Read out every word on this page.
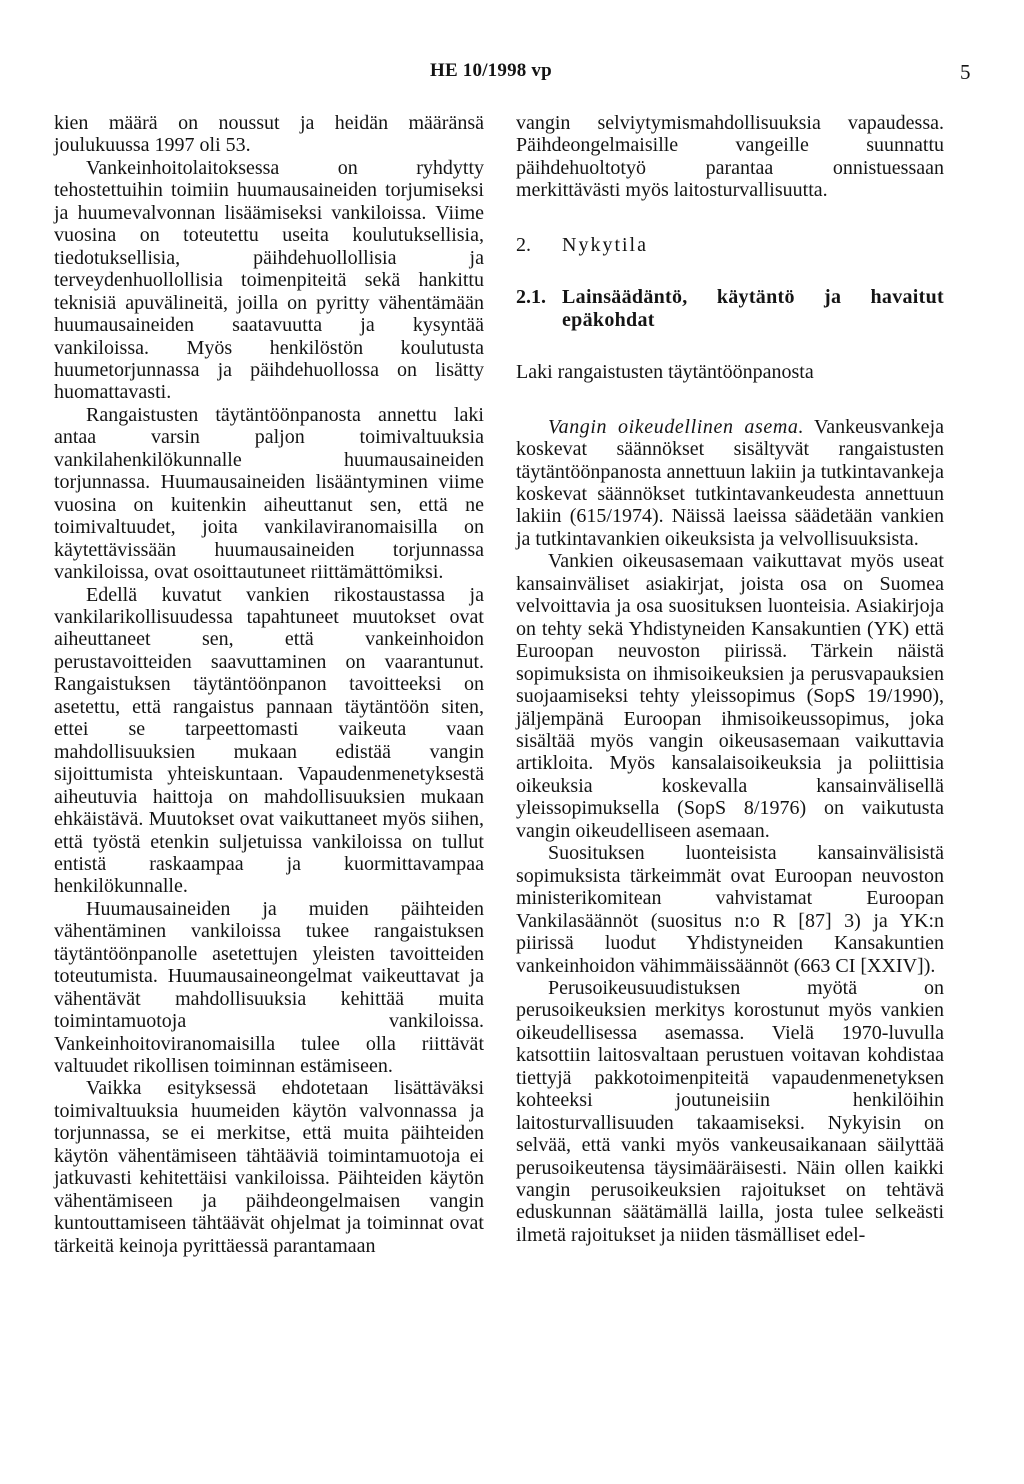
HE 10/1998 vp	5

kien määrä on noussut ja heidän määränsä joulukuussa 1997 oli 53.

Vankeinhoitolaitoksessa on ryhdytty tehostettuihin toimiin huumausaineiden torjumiseksi ja huumevalvonnan lisäämiseksi vankiloissa. Viime vuosina on toteutettu useita koulutuksellisia, tiedotuksellisia, päihdehuollollisia ja terveydenhuollollisia toimenpiteitä sekä hankittu teknisiä apuvälineitä, joilla on pyritty vähentämään huumausaineiden saatavuutta ja kysyntää vankiloissa. Myös henkilöstön koulutusta huumetorjunnassa ja päihdehuollossa on lisätty huomattavasti.

Rangaistusten täytäntöönpanosta annettu laki antaa varsin paljon toimivaltuuksia vankilahenkilökunnalle huumausaineiden torjunnassa. Huumausaineiden lisääntyminen viime vuosina on kuitenkin aiheuttanut sen, että ne toimivaltuudet, joita vankilaviranomaisilla on käytettävissään huumausaineiden torjunnassa vankiloissa, ovat osoittautuneet riittämättömiksi.

Edellä kuvatut vankien rikostaustassa ja vankilarikollisuudessa tapahtuneet muutokset ovat aiheuttaneet sen, että vankeinhoidon perustavoitteiden saavuttaminen on vaarantunut. Rangaistuksen täytäntöönpanon tavoitteeksi on asetettu, että rangaistus pannaan täytäntöön siten, ettei se tarpeettomasti vaikeuta vaan mahdollisuuksien mukaan edistää vangin sijoittumista yhteiskuntaan. Vapaudenmenetyksestä aiheutuvia haittoja on mahdollisuuksien mukaan ehkäistävä. Muutokset ovat vaikuttaneet myös siihen, että työstä etenkin suljetuissa vankiloissa on tullut entistä raskaampaa ja kuormittavampaa henkilökunnalle.

Huumausaineiden ja muiden päihteiden vähentäminen vankiloissa tukee rangaistuksen täytäntöönpanolle asetettujen yleisten tavoitteiden toteutumista. Huumausaineongelmat vaikeuttavat ja vähentävät mahdollisuuksia kehittää muita toimintamuotoja vankiloissa. Vankeinhoitoviranomaisilla tulee olla riittävät valtuudet rikollisen toiminnan estämiseen.

Vaikka esityksessä ehdotetaan lisättäväksi toimivaltuuksia huumeiden käytön valvonnassa ja torjunnassa, se ei merkitse, että muita päihteiden käytön vähentämiseen tähtääviä toimintamuotoja ei jatkuvasti kehitettäisi vankiloissa. Päihteiden käytön vähentämiseen ja päihdeongelmaisen vangin kuntouttamiseen tähtäävät ohjelmat ja toiminnat ovat tärkeitä keinoja pyrittäessä parantamaan

vangin selviytymismahdollisuuksia vapaudessa. Päihdeongelmaisille vangeille suunnattu päihdehuoltotyö parantaa onnistuessaan merkittävästi myös laitosturvallisuutta.

2.	Nykytila
2.1. Lainsäädäntö, käytäntö ja havaitut epäkohdat

Laki rangaistusten täytäntöönpanosta

Vangin oikeudellinen asema. Vankeusvankeja koskevat säännökset sisältyvät rangaistusten täytäntöönpanosta annettuun lakiin ja tutkintavankeja koskevat säännökset tutkintavankeudesta annettuun lakiin (615/1974). Näissä laeissa säädetään vankien ja tutkintavankien oikeuksista ja velvollisuuksista.

Vankien oikeusasemaan vaikuttavat myös useat kansainväliset asiakirjat, joista osa on Suomea velvoittavia ja osa suosituksen luonteisia. Asiakirjoja on tehty sekä Yhdistyneiden Kansakuntien (YK) että Euroopan neuvoston piirissä. Tärkein näistä sopimuksista on ihmisoikeuksien ja perusvapauksien suojaamiseksi tehty yleissopimus (SopS 19/1990), jäljempänä Euroopan ihmisoikeussopimus, joka sisältää myös vangin oikeusasemaan vaikuttavia artikloita. Myös kansalaisoikeuksia ja poliittisia oikeuksia koskevalla kansainvälisellä yleissopimuksella (SopS 8/1976) on vaikutusta vangin oikeudelliseen asemaan.

Suosituksen luonteisista kansainvälisistä sopimuksista tärkeimmät ovat Euroopan neuvoston ministerikomitean vahvistamat Euroopan Vankilasäännöt (suositus n:o R [87] 3) ja YK:n piirissä luodut Yhdistyneiden Kansakuntien vankeinhoidon vähimmäissäännöt (663 CI [XXIV]).

Perusoikeusuudistuksen myötä on perusoikeuksien merkitys korostunut myös vankien oikeudellisessa asemassa. Vielä 1970-luvulla katsottiin laitosvaltaan perustuen voitavan kohdistaa tiettyjä pakkotoimenpiteitä vapaudenmenetyksen kohteeksi joutuneisiin henkilöihin laitosturvallisuuden takaamiseksi. Nykyisin on selvää, että vanki myös vankeusaikanaan säilyttää perusoikeutensa täysimääräisesti. Näin ollen kaikki vangin perusoikeuksien rajoitukset on tehtävä eduskunnan säätämällä lailla, josta tulee selkeästi ilmetä rajoitukset ja niiden täsmälliset edel-
